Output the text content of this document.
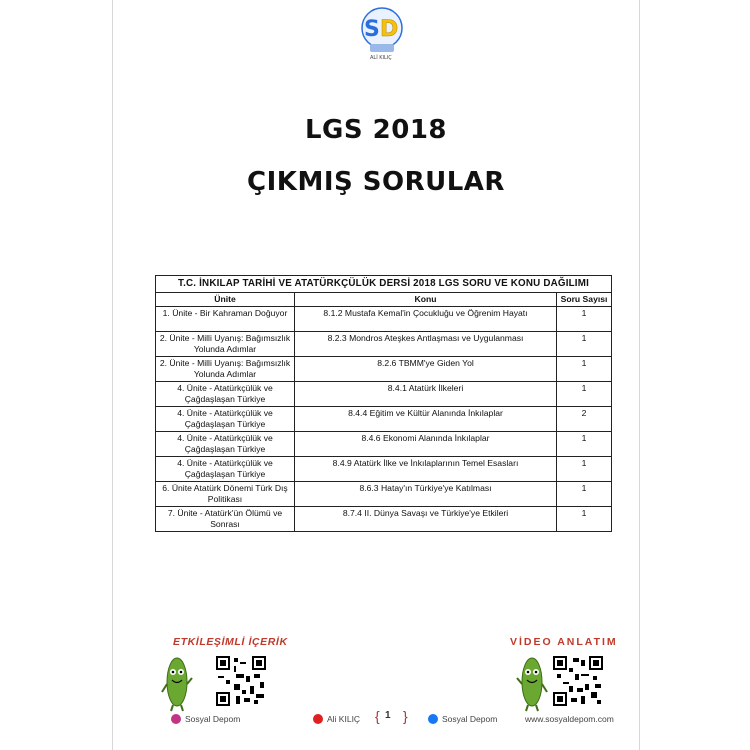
S D
ALİ KILIÇ
LGS 2018
ÇIKMIŞ SORULAR
T.C. İNKILAP TARİHİ VE ATATÜRKÇÜLÜK DERSİ 2018 LGS SORU VE KONU DAĞILIMI		
Ünite	Konu	Soru Sayısı
1. Ünite - Bir Kahraman Doğuyor	8.1.2 Mustafa Kemal'in Çocukluğu ve Öğrenim Hayatı	1
2. Ünite - Milli Uyanış: Bağımsızlık Yolunda Adımlar	8.2.3 Mondros Ateşkes Antlaşması ve Uygulanması	1
2. Ünite - Milli Uyanış: Bağımsızlık Yolunda Adımlar	8.2.6 TBMM'ye Giden Yol	1
4. Ünite - Atatürkçülük ve Çağdaşlaşan Türkiye	8.4.1 Atatürk İlkeleri	1
4. Ünite - Atatürkçülük ve Çağdaşlaşan Türkiye	8.4.4 Eğitim ve Kültür Alanında İnkılaplar	2
4. Ünite - Atatürkçülük ve Çağdaşlaşan Türkiye	8.4.6 Ekonomi Alanında İnkılaplar	1
4. Ünite - Atatürkçülük ve Çağdaşlaşan Türkiye	8.4.9 Atatürk İlke ve İnkılaplarının Temel Esasları	1
6. Ünite Atatürk Dönemi Türk Dış Politikası	8.6.3 Hatay'ın Türkiye'ye Katılması	1
7. Ünite - Atatürk'ün Ölümü ve Sonrası	8.7.4 II. Dünya Savaşı ve Türkiye'ye Etkileri	1
ETKİLEŞİMLİ İÇERİK	VİDEO ANLATIM
Sosyal Depom	Ali KILIÇ { 1 }	Sosyal Depom	www.sosyaldepom.com
